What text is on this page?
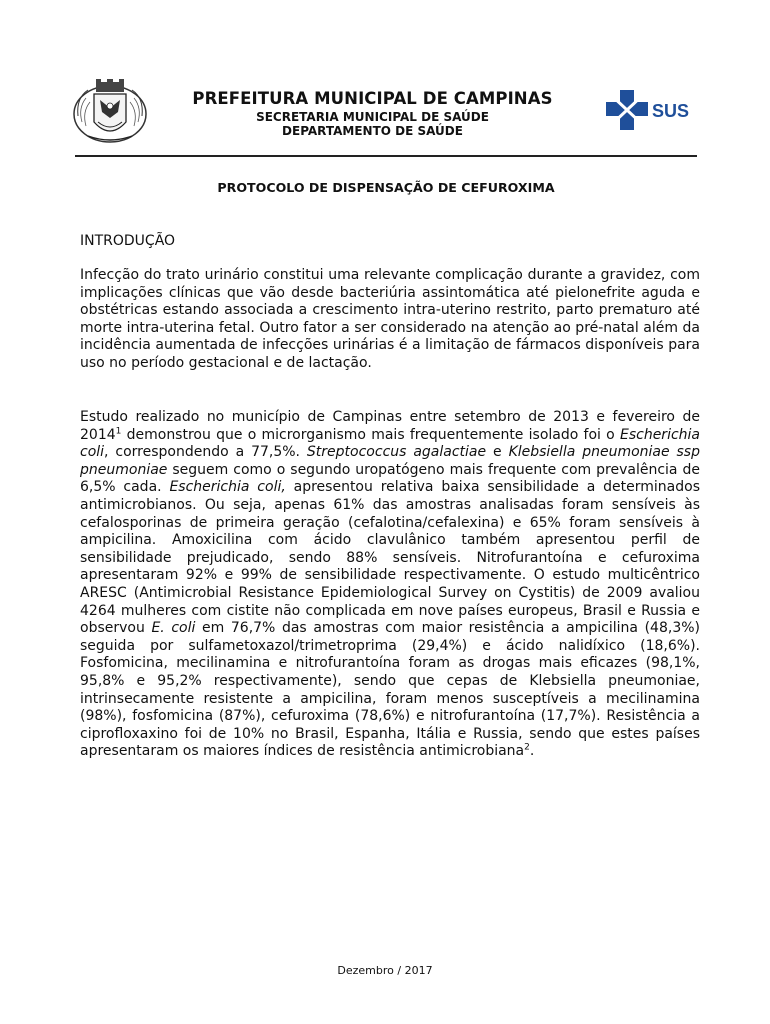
PREFEITURA MUNICIPAL DE CAMPINAS

SECRETARIA MUNICIPAL DE SAÚDE

DEPARTAMENTO DE SAÚDE

SUS

PROTOCOLO DE DISPENSAÇÃO DE CEFUROXIMA

INTRODUÇÃO

Infecção do trato urinário constitui uma relevante complicação durante a gravidez, com implicações clínicas que vão desde bacteriúria assintomática até pielonefrite aguda e obstétricas estando associada a crescimento intra-uterino restrito, parto prematuro até morte intra-uterina fetal. Outro fator a ser considerado na atenção ao pré-natal além da incidência aumentada de infecções urinárias é a limitação de fármacos disponíveis para uso no período gestacional e de lactação.

Estudo realizado no município de Campinas entre setembro de 2013 e fevereiro de 2014$^1$ demonstrou que o microrganismo mais frequentemente isolado foi o Escherichia coli, correspondendo a 77,5%. Streptococcus agalactiae e Klebsiella pneumoniae ssp pneumoniae seguem como o segundo uropatógeno mais frequente com prevalência de 6,5% cada. Escherichia coli, apresentou relativa baixa sensibilidade a determinados antimicrobianos. Ou seja, apenas 61% das amostras analisadas foram sensíveis às cefalosporinas de primeira geração (cefalotina/cefalexina) e 65% foram sensíveis à ampicilina. Amoxicilina com ácido clavulânico também apresentou perfil de sensibilidade prejudicado, sendo 88% sensíveis. Nitrofurantoína e cefuroxima apresentaram 92% e 99% de sensibilidade respectivamente. O estudo multicêntrico ARESC (Antimicrobial Resistance Epidemiological Survey on Cystitis) de 2009 avaliou 4264 mulheres com cistite não complicada em nove países europeus, Brasil e Russia e observou E. coli em 76,7% das amostras com maior resistência a ampicilina (48,3%) seguida por sulfametoxazol/trimetroprima (29,4%) e ácido nalidíxico (18,6%). Fosfomicina, mecilinamina e nitrofurantoína foram as drogas mais eficazes (98,1%, 95,8% e 95,2% respectivamente), sendo que cepas de Klebsiella pneumoniae, intrinsecamente resistente a ampicilina, foram menos susceptíveis a mecilinamina (98%), fosfomicina (87%), cefuroxima (78,6%) e nitrofurantoína (17,7%). Resistência a ciprofloxaxino foi de 10% no Brasil, Espanha, Itália e Russia, sendo que estes países apresentaram os maiores índices de resistência antimicrobiana$^2$.

Dezembro / 2017
